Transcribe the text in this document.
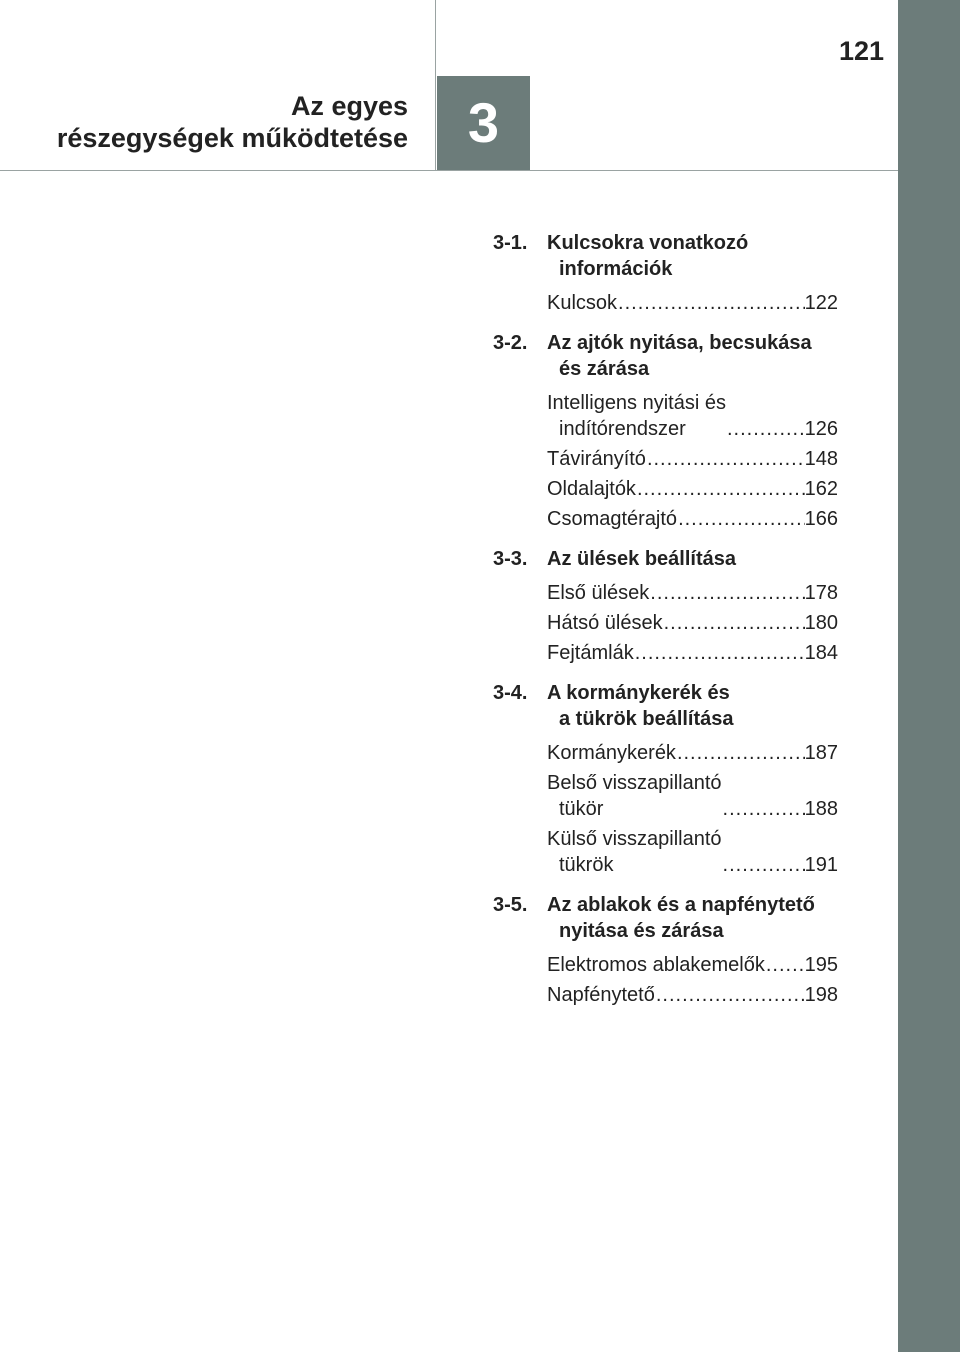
121
Az egyes
részegységek működtetése 3
3-1. Kulcsokra vonatkozó
információk
Kulcsok .....	122
3-2. Az ajtók nyitása, becsukása
és zárása
Intelligens nyitási és
indítórendszer .....	126
Távirányító .....	148
Oldalajtók .....	162
Csomagtérajtó .....	166
3-3. Az ülések beállítása
Első ülések .....	178
Hátsó ülések .....	180
Fejtámlák .....	184
3-4. A kormánykerék és
a tükrök beállítása
Kormánykerék .....	187
Belső visszapillantó
tükör .....	188
Külső visszapillantó
tükrök .....	191
3-5. Az ablakok és a napfénytető
nyitása és zárása
Elektromos ablakemelők ..... 195
Napfénytető .....	198
